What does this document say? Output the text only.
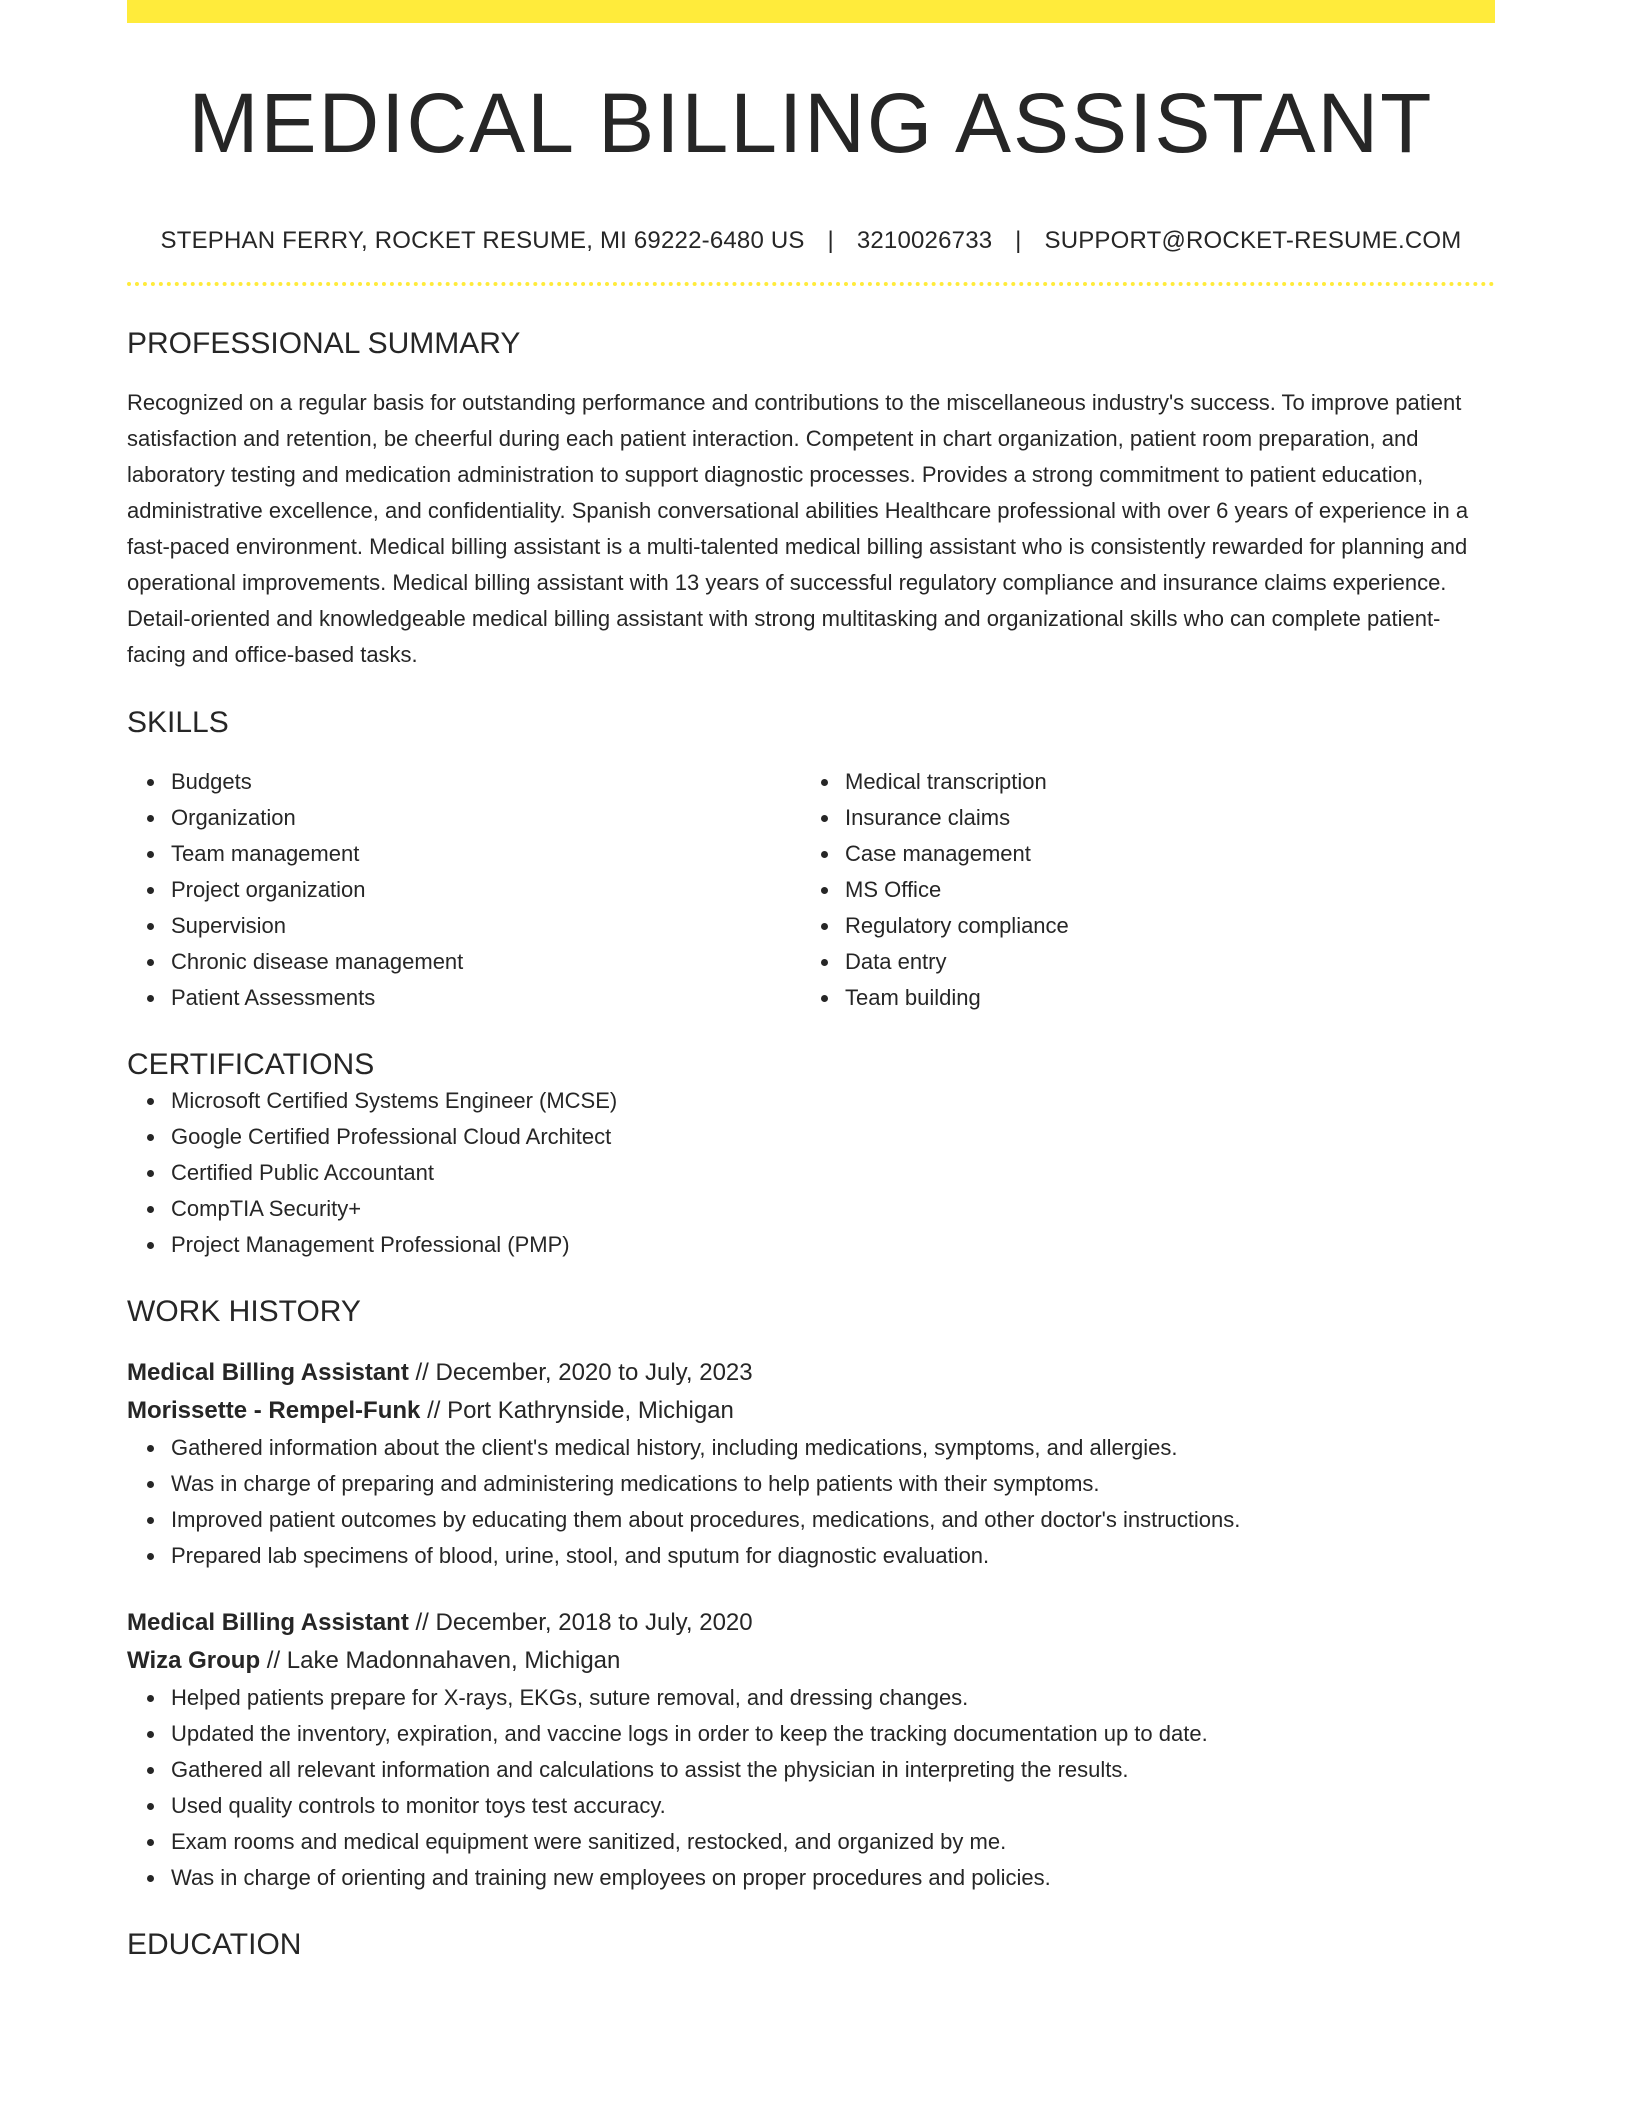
MEDICAL BILLING ASSISTANT
STEPHAN FERRY, ROCKET RESUME, MI 69222-6480 US | 3210026733 | SUPPORT@ROCKET-RESUME.COM
PROFESSIONAL SUMMARY

Recognized on a regular basis for outstanding performance and contributions to the miscellaneous industry's success. To improve patient satisfaction and retention, be cheerful during each patient interaction. Competent in chart organization, patient room preparation, and laboratory testing and medication administration to support diagnostic processes. Provides a strong commitment to patient education, administrative excellence, and confidentiality. Spanish conversational abilities Healthcare professional with over 6 years of experience in a fast-paced environment. Medical billing assistant is a multi-talented medical billing assistant who is consistently rewarded for planning and operational improvements. Medical billing assistant with 13 years of successful regulatory compliance and insurance claims experience. Detail-oriented and knowledgeable medical billing assistant with strong multitasking and organizational skills who can complete patient-facing and office-based tasks.

SKILLS
Budgets
Organization
Team management
Project organization
Supervision
Chronic disease management
Patient Assessments
Medical transcription
Insurance claims
Case management
MS Office
Regulatory compliance
Data entry
Team building
CERTIFICATIONS
Microsoft Certified Systems Engineer (MCSE)
Google Certified Professional Cloud Architect
Certified Public Accountant
CompTIA Security+
Project Management Professional (PMP)
WORK HISTORY
Medical Billing Assistant // December, 2020 to July, 2023
Morissette - Rempel-Funk // Port Kathrynside, Michigan
Gathered information about the client's medical history, including medications, symptoms, and allergies.
Was in charge of preparing and administering medications to help patients with their symptoms.
Improved patient outcomes by educating them about procedures, medications, and other doctor's instructions.
Prepared lab specimens of blood, urine, stool, and sputum for diagnostic evaluation.
Medical Billing Assistant // December, 2018 to July, 2020
Wiza Group // Lake Madonnahaven, Michigan
Helped patients prepare for X-rays, EKGs, suture removal, and dressing changes.
Updated the inventory, expiration, and vaccine logs in order to keep the tracking documentation up to date.
Gathered all relevant information and calculations to assist the physician in interpreting the results.
Used quality controls to monitor toys test accuracy.
Exam rooms and medical equipment were sanitized, restocked, and organized by me.
Was in charge of orienting and training new employees on proper procedures and policies.
EDUCATION
